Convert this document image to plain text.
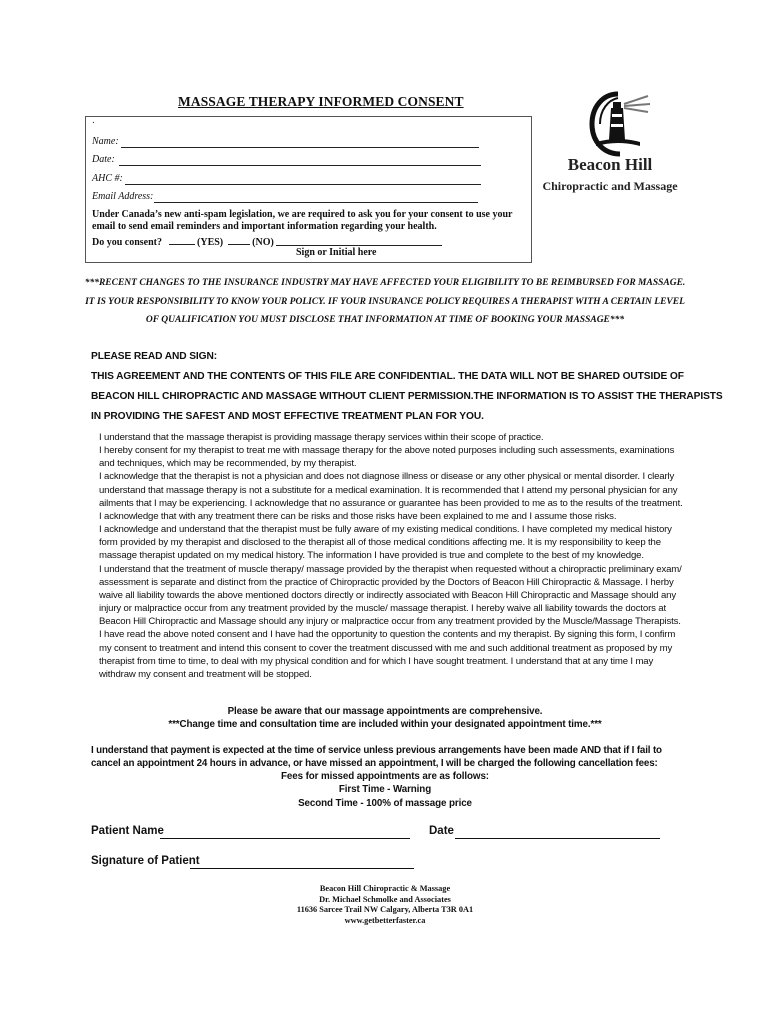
MASSAGE THERAPY INFORMED CONSENT
.
Name:
Date:
AHC #:
Email Address:
Under Canada’s new anti-spam legislation, we are required to ask you for your consent to use your email to send email reminders and important information regarding your health.
Do you consent?	(YES)	(NO)
Sign or Initial here
Beacon Hill
Chiropractic and Massage
***RECENT CHANGES TO THE INSURANCE INDUSTRY MAY HAVE AFFECTED YOUR ELIGIBILITY TO BE REIMBURSED FOR MASSAGE.
IT IS YOUR RESPONSIBILITY TO KNOW YOUR POLICY. IF YOUR INSURANCE POLICY REQUIRES A THERAPIST WITH A CERTAIN LEVEL
OF QUALIFICATION YOU MUST DISCLOSE THAT INFORMATION AT TIME OF BOOKING YOUR MASSAGE***
PLEASE READ AND SIGN:
THIS AGREEMENT AND THE CONTENTS OF THIS FILE ARE CONFIDENTIAL. THE DATA WILL NOT BE SHARED OUTSIDE OF
BEACON HILL CHIROPRACTIC AND MASSAGE WITHOUT CLIENT PERMISSION.THE INFORMATION IS TO ASSIST THE THERAPISTS
IN PROVIDING THE SAFEST AND MOST EFFECTIVE TREATMENT PLAN FOR YOU.

I understand that the massage therapist is providing massage therapy services within their scope of practice.

I hereby consent for my therapist to treat me with massage therapy for the above noted purposes including such assessments, examinations and techniques, which may be recommended, by my therapist.

I acknowledge that the therapist is not a physician and does not diagnose illness or disease or any other physical or mental disorder. I clearly understand that massage therapy is not a substitute for a medical examination. It is recommended that I attend my personal physician for any ailments that I may be experiencing. I acknowledge that no assurance or guarantee has been provided to me as to the results of the treatment. I acknowledge that with any treatment there can be risks and those risks have been explained to me and I assume those risks.

I acknowledge and understand that the therapist must be fully aware of my existing medical conditions. I have completed my medical history form provided by my therapist and disclosed to the therapist all of those medical conditions affecting me. It is my responsibility to keep the massage therapist updated on my medical history. The information I have provided is true and complete to the best of my knowledge.

I understand that the treatment of muscle therapy/ massage provided by the therapist when requested without a chiropractic preliminary exam/ assessment is separate and distinct from the practice of Chiropractic provided by the Doctors of Beacon Hill Chiropractic & Massage. I herby waive all liability towards the above mentioned doctors directly or indirectly associated with Beacon Hill Chiropractic and Massage should any injury or malpractice occur from any treatment provided by the muscle/ massage therapist. I hereby waive all liability towards the doctors at Beacon Hill Chiropractic and Massage should any injury or malpractice occur from any treatment provided by the Muscle/Massage Therapists.

I have read the above noted consent and I have had the opportunity to question the contents and my therapist. By signing this form, I confirm my consent to treatment and intend this consent to cover the treatment discussed with me and such additional treatment as proposed by my therapist from time to time, to deal with my physical condition and for which I have sought treatment. I understand that at any time I may withdraw my consent and treatment will be stopped.

Please be aware that our massage appointments are comprehensive.
***Change time and consultation time are included within your designated appointment time.***
I understand that payment is expected at the time of service unless previous arrangements have been made AND that if I fail to cancel an appointment 24 hours in advance, or have missed an appointment, I will be charged the following cancellation fees:
Fees for missed appointments are as follows:
First Time - Warning
Second Time - 100% of massage price
Patient Name	Date
Signature of Patient
Beacon Hill Chiropractic & Massage
Dr. Michael Schmolke and Associates
11636 Sarcee Trail NW Calgary, Alberta T3R 0A1
www.getbetterfaster.ca
